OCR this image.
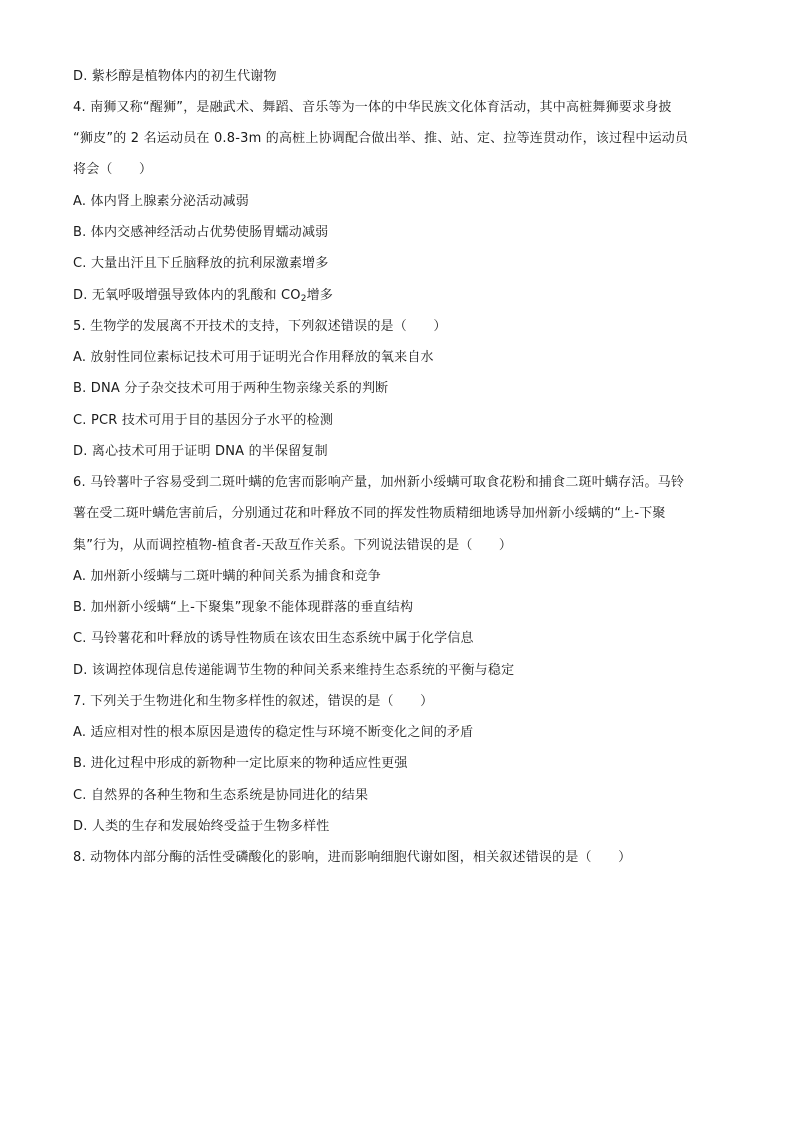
D. 紫杉醇是植物体内的初生代谢物
4. 南狮又称“醒狮”，是融武术、舞蹈、音乐等为一体的中华民族文化体育活动，其中高桩舞狮要求身披
“狮皮”的 2 名运动员在 0.8-3m 的高桩上协调配合做出举、推、站、定、拉等连贯动作，该过程中运动员
将会（　　）
A. 体内肾上腺素分泌活动减弱
B. 体内交感神经活动占优势使肠胃蠕动减弱
C. 大量出汗且下丘脑释放的抗利尿激素增多
D. 无氧呼吸增强导致体内的乳酸和 $CO_2$增多
5. 生物学的发展离不开技术的支持，下列叙述错误的是（　　）
A. 放射性同位素标记技术可用于证明光合作用释放的氧来自水
B. DNA 分子杂交技术可用于两种生物亲缘关系的判断
C. PCR 技术可用于目的基因分子水平的检测
D. 离心技术可用于证明 DNA 的半保留复制
6. 马铃薯叶子容易受到二斑叶螨的危害而影响产量，加州新小绥螨可取食花粉和捕食二斑叶螨存活。马铃
薯在受二斑叶螨危害前后，分别通过花和叶释放不同的挥发性物质精细地诱导加州新小绥螨的“上-下聚
集”行为，从而调控植物-植食者-天敌互作关系。下列说法错误的是（　　）
A. 加州新小绥螨与二斑叶螨的种间关系为捕食和竞争
B. 加州新小绥螨“上-下聚集”现象不能体现群落的垂直结构
C. 马铃薯花和叶释放的诱导性物质在该农田生态系统中属于化学信息
D. 该调控体现信息传递能调节生物的种间关系来维持生态系统的平衡与稳定
7. 下列关于生物进化和生物多样性的叙述，错误的是（　　）
A. 适应相对性的根本原因是遗传的稳定性与环境不断变化之间的矛盾
B. 进化过程中形成的新物种一定比原来的物种适应性更强
C. 自然界的各种生物和生态系统是协同进化的结果
D. 人类的生存和发展始终受益于生物多样性
8. 动物体内部分酶的活性受磷酸化的影响，进而影响细胞代谢如图，相关叙述错误的是（　　）
